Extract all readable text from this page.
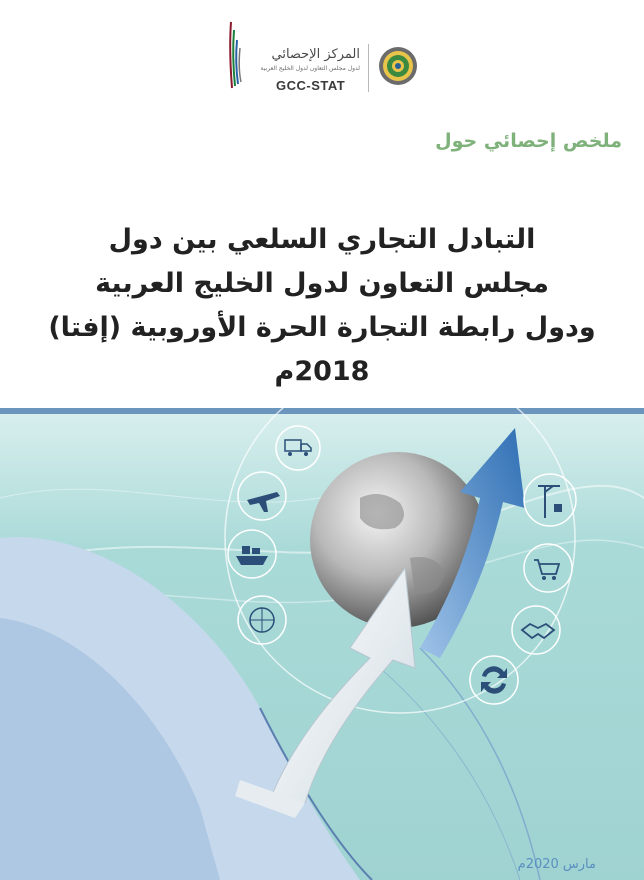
المركز الإحصائي
لدول مجلس التعاون لدول الخليج العربية
GCC-STAT
ملخص إحصائي حول
التبادل التجاري السلعي بين دول
مجلس التعاون لدول الخليج العربية
ودول رابطة التجارة الحرة الأوروبية (إفتا)
2018م
مارس 2020م
